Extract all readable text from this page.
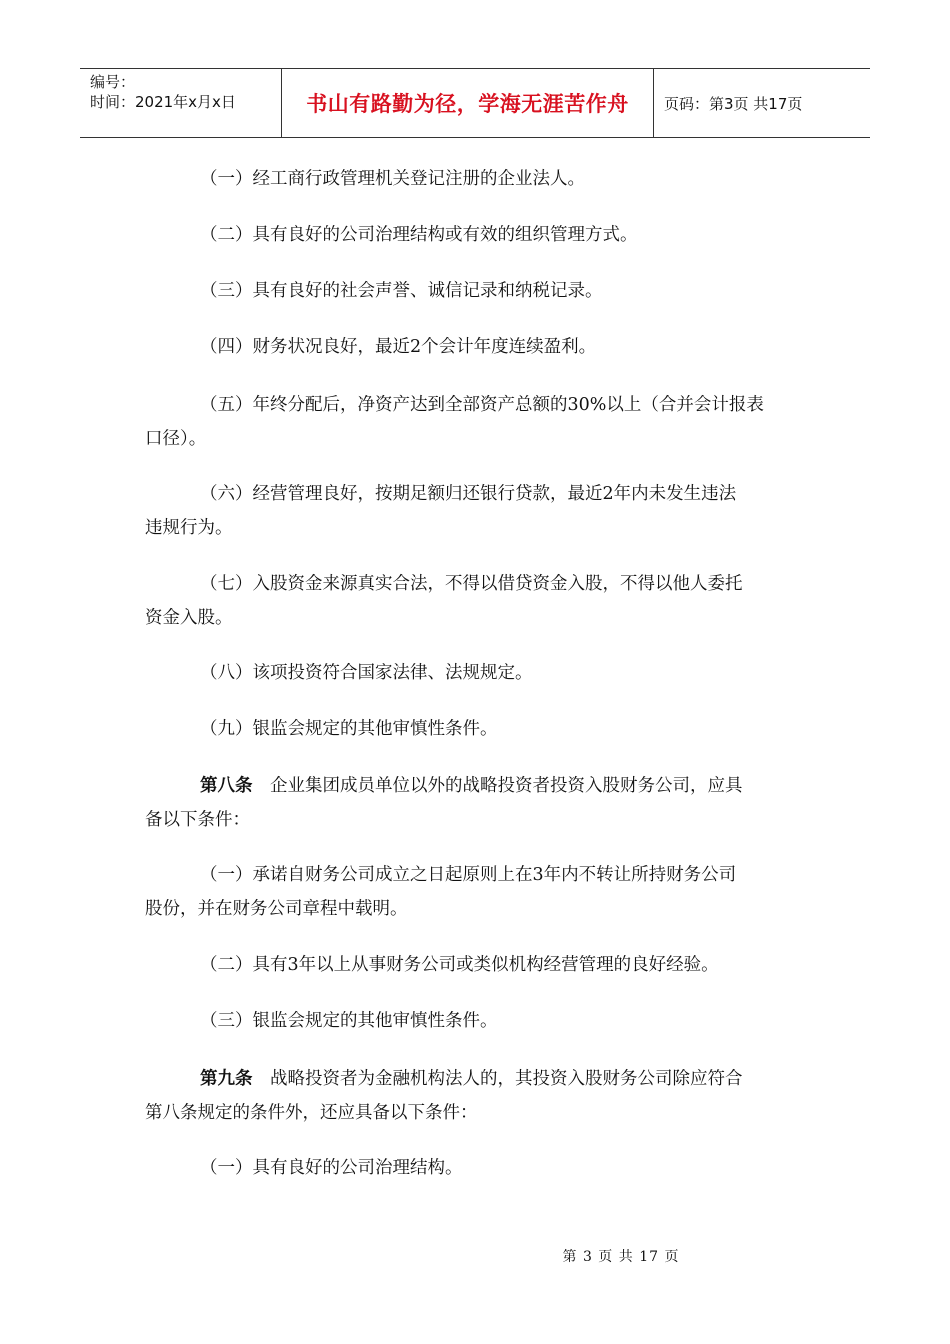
编号：
时间：2021年x月x日	书山有路勤为径，学海无涯苦作舟 页码：第3页 共17页

（一）经工商行政管理机关登记注册的企业法人。

（二）具有良好的公司治理结构或有效的组织管理方式。

（三）具有良好的社会声誉、诚信记录和纳税记录。

（四）财务状况良好，最近2个会计年度连续盈利。

（五）年终分配后，净资产达到全部资产总额的30%以上（合并会计报表

口径）。

（六）经营管理良好，按期足额归还银行贷款，最近2年内未发生违法

违规行为。

（七）入股资金来源真实合法，不得以借贷资金入股，不得以他人委托

资金入股。

（八）该项投资符合国家法律、法规规定。

（九）银监会规定的其他审慎性条件。

第八条　企业集团成员单位以外的战略投资者投资入股财务公司，应具

备以下条件：

（一）承诺自财务公司成立之日起原则上在3年内不转让所持财务公司

股份，并在财务公司章程中载明。

（二）具有3年以上从事财务公司或类似机构经营管理的良好经验。

（三）银监会规定的其他审慎性条件。

第九条　战略投资者为金融机构法人的，其投资入股财务公司除应符合

第八条规定的条件外，还应具备以下条件：

（一）具有良好的公司治理结构。

第 3 页 共 17 页
